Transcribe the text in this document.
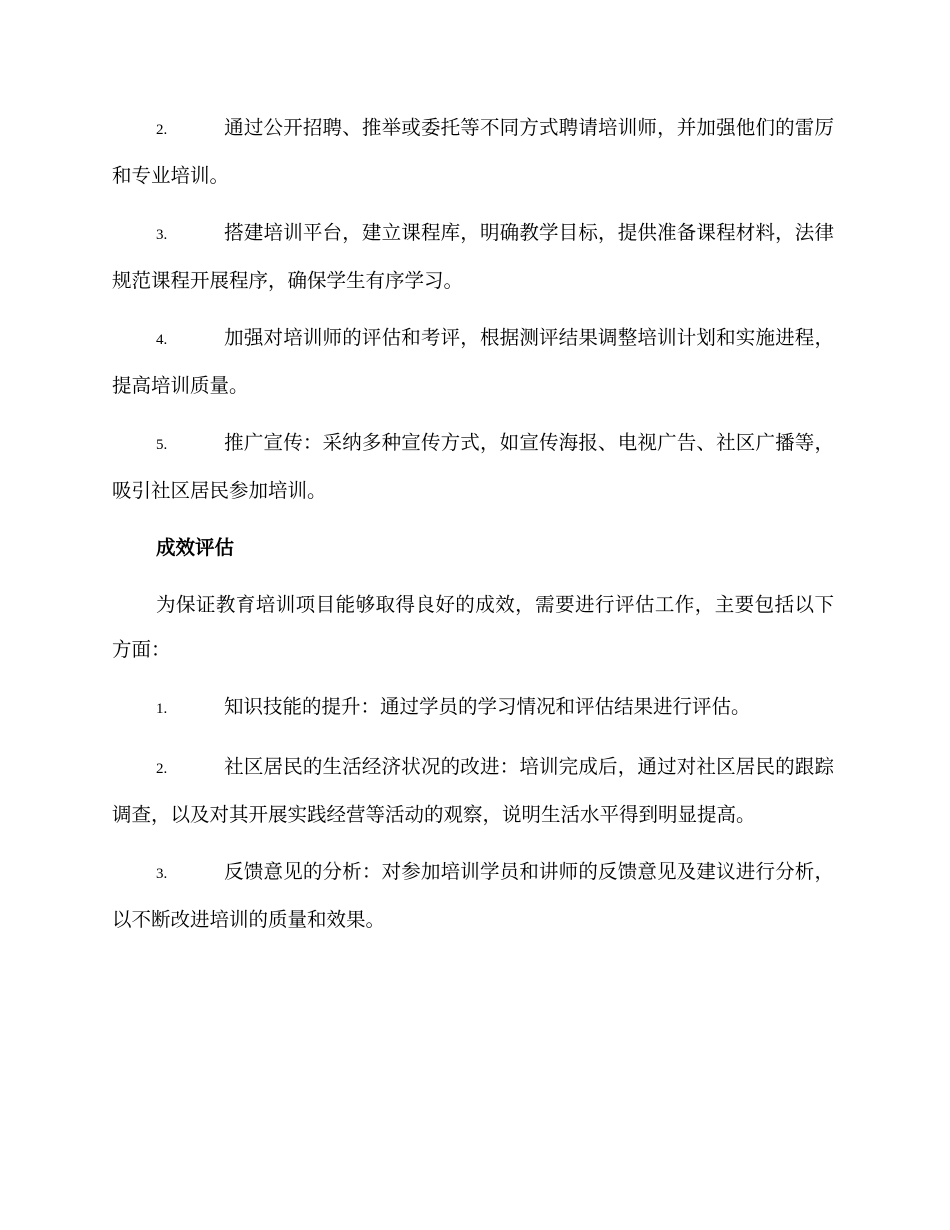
2.	通过公开招聘、推举或委托等不同方式聘请培训师，并加强他们的雷厉和专业培训。

3.	搭建培训平台，建立课程库，明确教学目标，提供准备课程材料，法律规范课程开展程序，确保学生有序学习。

4.	加强对培训师的评估和考评，根据测评结果调整培训计划和实施进程，提高培训质量。

5.	推广宣传：采纳多种宣传方式，如宣传海报、电视广告、社区广播等，吸引社区居民参加培训。

成效评估

为保证教育培训项目能够取得良好的成效，需要进行评估工作，主要包括以下方面：

1.	知识技能的提升：通过学员的学习情况和评估结果进行评估。

2.	社区居民的生活经济状况的改进：培训完成后，通过对社区居民的跟踪调查，以及对其开展实践经营等活动的观察，说明生活水平得到明显提高。

3.	反馈意见的分析：对参加培训学员和讲师的反馈意见及建议进行分析，以不断改进培训的质量和效果。
